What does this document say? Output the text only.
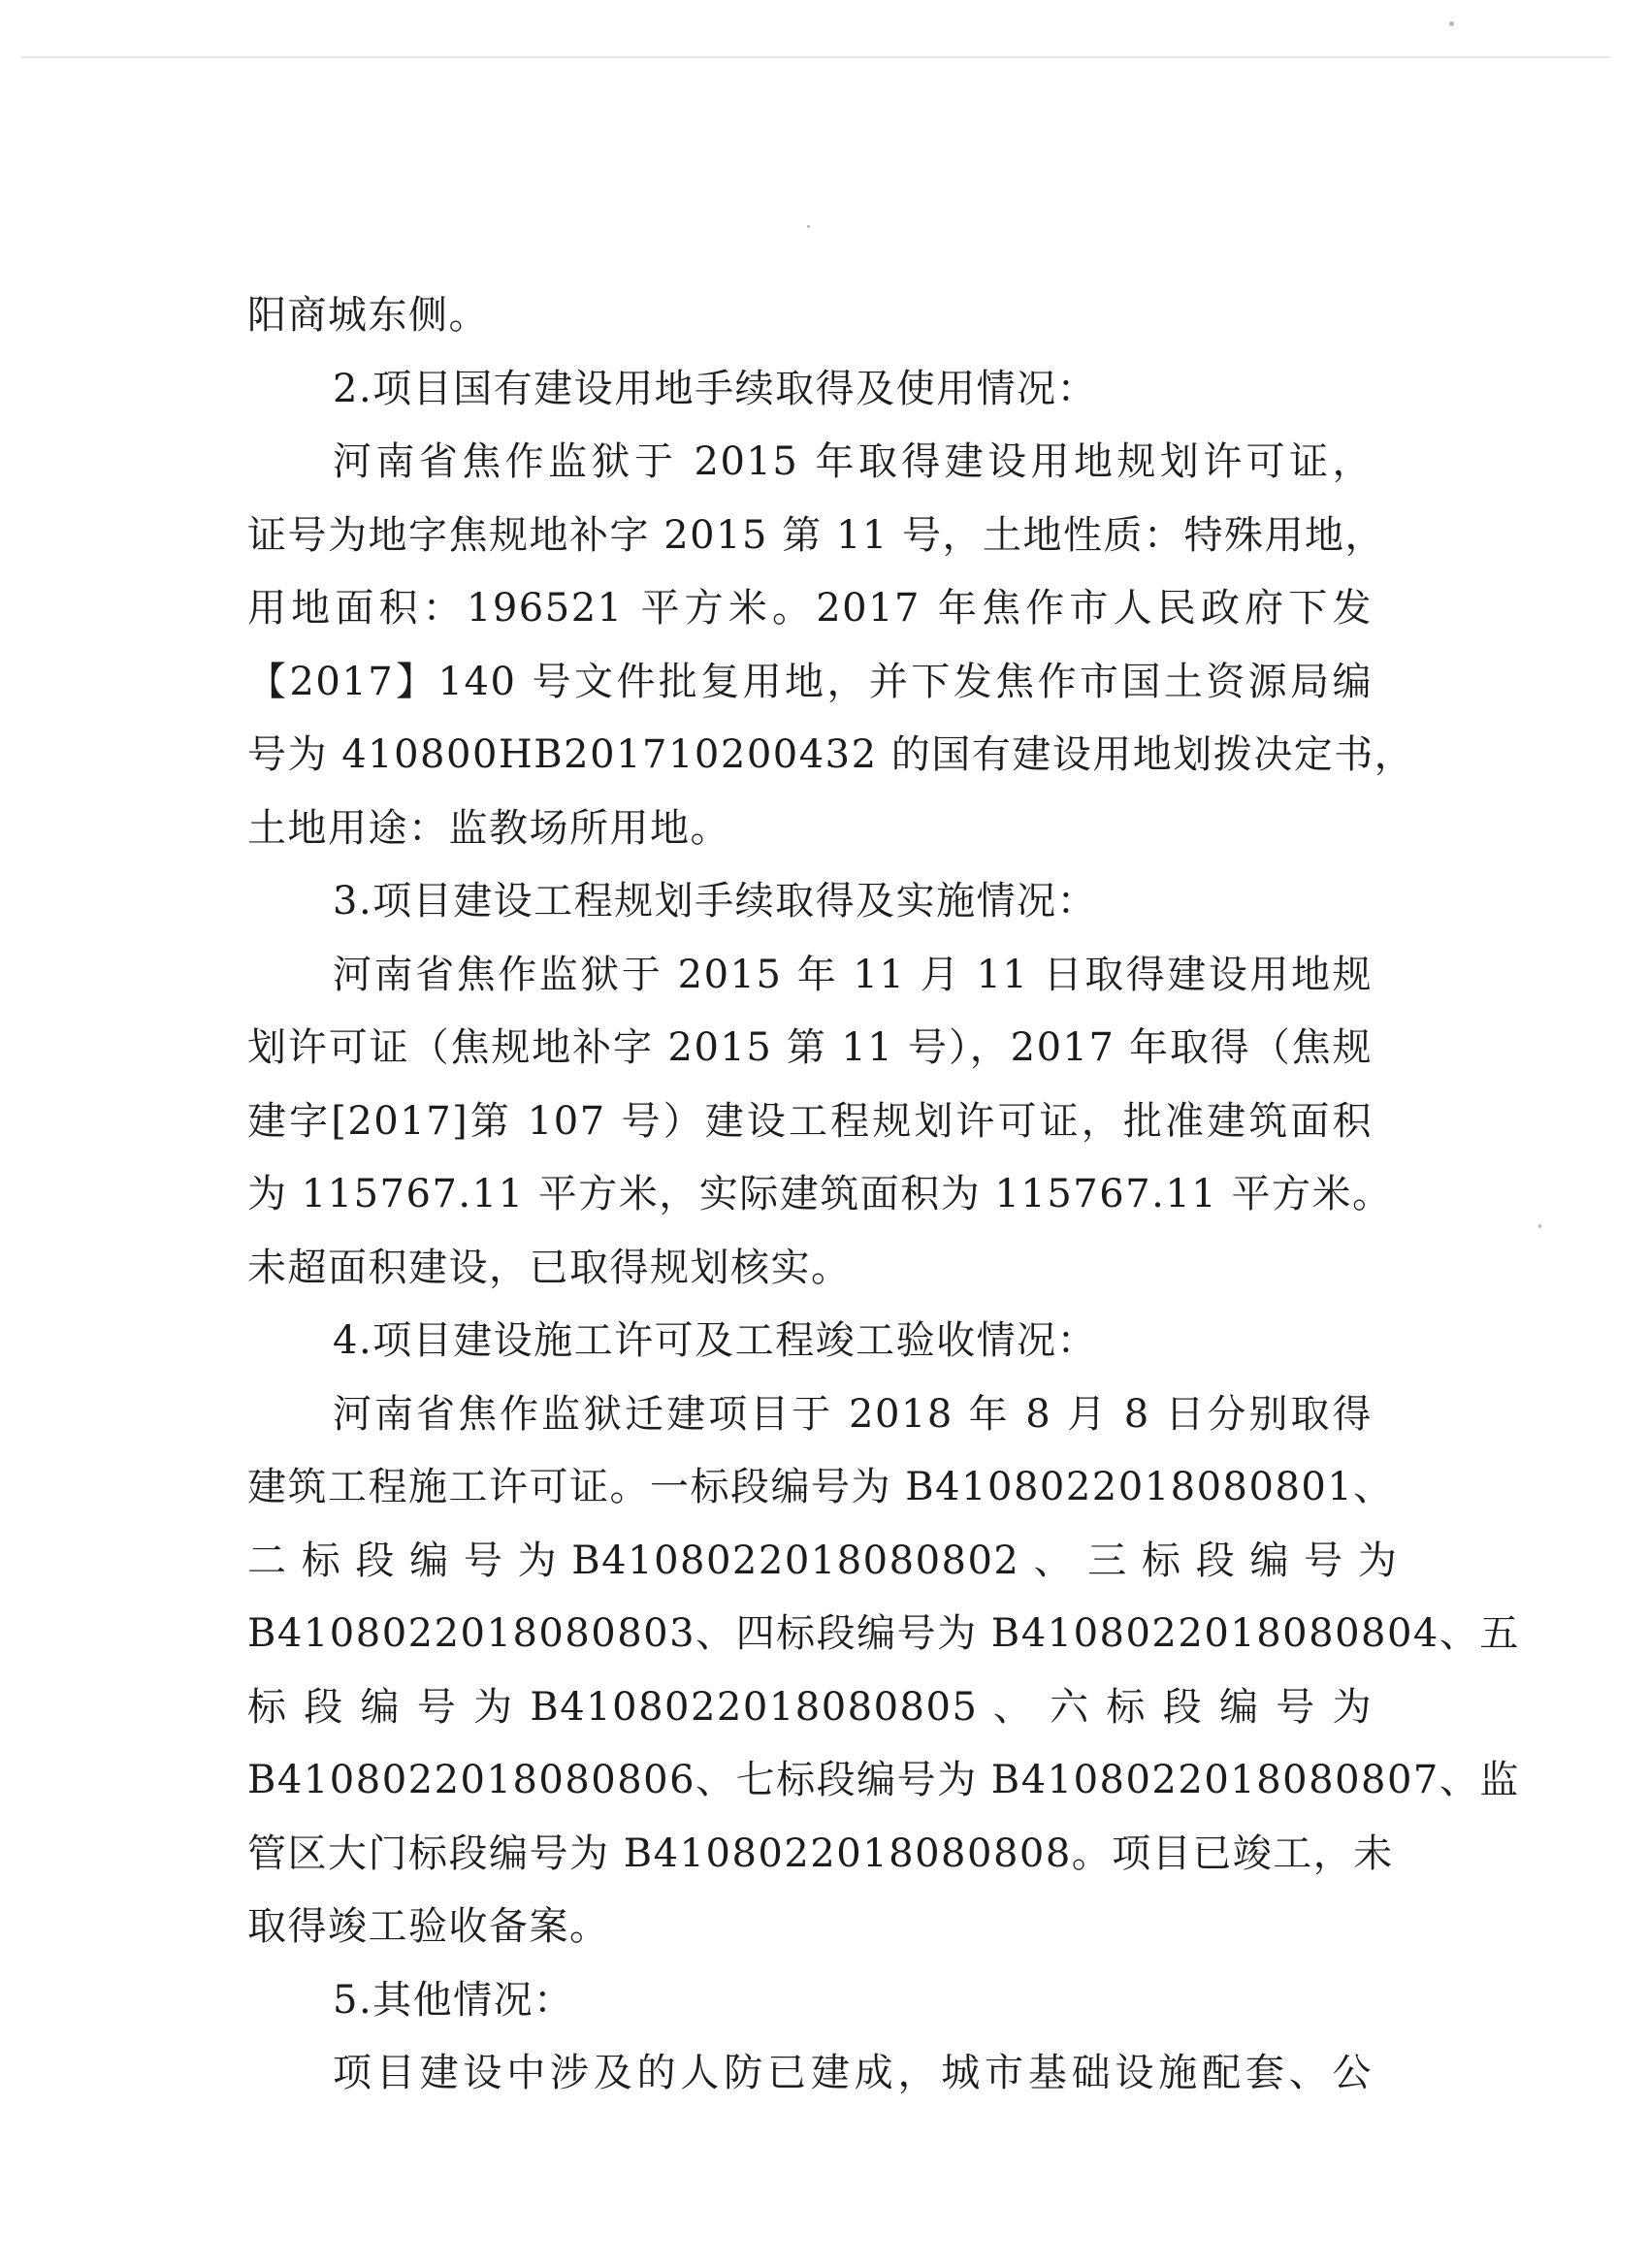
阳商城东侧。
2.项目国有建设用地手续取得及使用情况：
河南省焦作监狱于 2015 年取得建设用地规划许可证，
证号为地字焦规地补字 2015 第 11 号，土地性质：特殊用地，
用地面积：196521 平方米。2017 年焦作市人民政府下发
【2017】140 号文件批复用地，并下发焦作市国土资源局编
号为 410800HB201710200432 的国有建设用地划拨决定书，
土地用途：监教场所用地。
3.项目建设工程规划手续取得及实施情况：
河南省焦作监狱于 2015 年 11 月 11 日取得建设用地规
划许可证（焦规地补字 2015 第 11 号），2017 年取得（焦规
建字[2017]第 107 号）建设工程规划许可证，批准建筑面积
为 115767.11 平方米，实际建筑面积为 115767.11 平方米。
未超面积建设，已取得规划核实。
4.项目建设施工许可及工程竣工验收情况：
河南省焦作监狱迁建项目于 2018 年 8 月 8 日分别取得
建筑工程施工许可证。一标段编号为 B4108022018080801、
二 标 段 编 号 为 B4108022018080802 、 三 标 段 编 号 为
B4108022018080803、四标段编号为 B4108022018080804、五
标 段 编 号 为 B4108022018080805 、 六 标 段 编 号 为
B4108022018080806、七标段编号为 B4108022018080807、监
管区大门标段编号为 B4108022018080808。项目已竣工，未
取得竣工验收备案。
5.其他情况：
项目建设中涉及的人防已建成，城市基础设施配套、公
